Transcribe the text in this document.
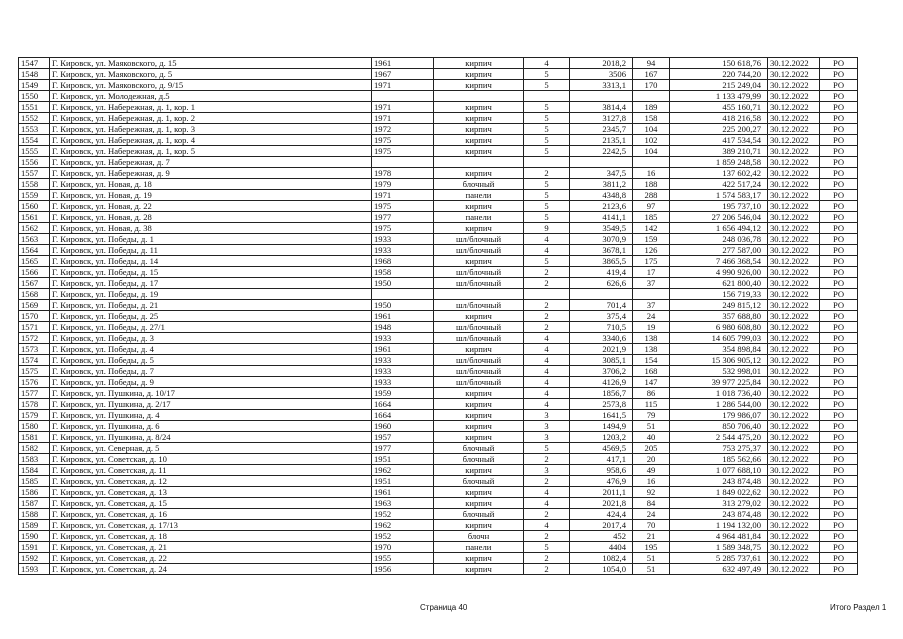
1547	Г. Кировск, ул. Маяковского, д. 15	1961	кирпич	4	2018,2	94	150 618,76	30.12.2022	РО
1548	Г. Кировск, ул. Маяковского, д. 5	1967	кирпич	5	3506	167	220 744,20	30.12.2022	РО
1549	Г. Кировск, ул. Маяковского, д. 9/15	1971	кирпич	5	3313,1	170	215 249,04	30.12.2022	РО
1550	Г. Кировск, ул. Молодежная, д.5						1 133 479,99	30.12.2022	РО
1551	Г. Кировск, ул. Набережная, д. 1, кор. 1	1971	кирпич	5	3814,4	189	455 160,71	30.12.2022	РО
1552	Г. Кировск, ул. Набережная, д. 1, кор. 2	1971	кирпич	5	3127,8	158	418 216,58	30.12.2022	РО
1553	Г. Кировск, ул. Набережная, д. 1, кор. 3	1972	кирпич	5	2345,7	104	225 200,27	30.12.2022	РО
1554	Г. Кировск, ул. Набережная, д. 1, кор. 4	1975	кирпич	5	2135,1	102	417 534,54	30.12.2022	РО
1555	Г. Кировск, ул. Набережная, д. 1, кор. 5	1975	кирпич	5	2242,5	104	389 210,71	30.12.2022	РО
1556	Г. Кировск, ул. Набережная, д. 7						1 859 248,58	30.12.2022	РО
1557	Г. Кировск, ул. Набережная, д. 9	1978	кирпич	2	347,5	16	137 602,42	30.12.2022	РО
1558	Г. Кировск, ул. Новая, д. 18	1979	блочный	5	3811,2	188	422 517,24	30.12.2022	РО
1559	Г. Кировск, ул. Новая, д. 19	1971	панели	5	4348,8	288	1 574 583,17	30.12.2022	РО
1560	Г. Кировск, ул. Новая, д. 22	1975	кирпич	5	2123,6	97	195 737,10	30.12.2022	РО
1561	Г. Кировск, ул. Новая, д. 28	1977	панели	5	4141,1	185	27 206 546,04	30.12.2022	РО
1562	Г. Кировск, ул. Новая, д. 38	1975	кирпич	9	3549,5	142	1 656 494,12	30.12.2022	РО
1563	Г. Кировск, ул. Победы, д. 1	1933	шл/блочный	4	3070,9	159	248 036,78	30.12.2022	РО
1564	Г. Кировск, ул. Победы, д. 11	1933	шл/блочный	4	3678,1	126	277 587,00	30.12.2022	РО
1565	Г. Кировск, ул. Победы, д. 14	1968	кирпич	5	3865,5	175	7 466 368,54	30.12.2022	РО
1566	Г. Кировск, ул. Победы, д. 15	1958	шл/блочный	2	419,4	17	4 990 926,00	30.12.2022	РО
1567	Г. Кировск, ул. Победы, д. 17	1950	шл/блочный	2	626,6	37	621 800,40	30.12.2022	РО
1568	Г. Кировск, ул. Победы, д. 19						156 719,33	30.12.2022	РО
1569	Г. Кировск, ул. Победы, д. 21	1950	шл/блочный	2	701,4	37	249 815,12	30.12.2022	РО
1570	Г. Кировск, ул. Победы, д. 25	1961	кирпич	2	375,4	24	357 688,80	30.12.2022	РО
1571	Г. Кировск, ул. Победы, д. 27/1	1948	шл/блочный	2	710,5	19	6 980 608,80	30.12.2022	РО
1572	Г. Кировск, ул. Победы, д. 3	1933	шл/блочный	4	3340,6	138	14 605 799,03	30.12.2022	РО
1573	Г. Кировск, ул. Победы, д. 4	1961	кирпич	4	2021,9	138	354 898,84	30.12.2022	РО
1574	Г. Кировск, ул. Победы, д. 5	1933	шл/блочный	4	3085,1	154	15 306 905,12	30.12.2022	РО
1575	Г. Кировск, ул. Победы, д. 7	1933	шл/блочный	4	3706,2	168	532 998,01	30.12.2022	РО
1576	Г. Кировск, ул. Победы, д. 9	1933	шл/блочный	4	4126,9	147	39 977 225,84	30.12.2022	РО
1577	Г. Кировск, ул. Пушкина, д. 10/17	1959	кирпич	4	1856,7	86	1 018 736,40	30.12.2022	РО
1578	Г. Кировск, ул. Пушкина, д. 2/17	1664	кирпич	4	2573,8	115	1 286 544,00	30.12.2022	РО
1579	Г. Кировск, ул. Пушкина, д. 4	1664	кирпич	3	1641,5	79	179 986,07	30.12.2022	РО
1580	Г. Кировск, ул. Пушкина, д. 6	1960	кирпич	3	1494,9	51	850 706,40	30.12.2022	РО
1581	Г. Кировск, ул. Пушкина, д. 8/24	1957	кирпич	3	1203,2	40	2 544 475,20	30.12.2022	РО
1582	Г. Кировск, ул. Северная, д. 5	1977	блочный	5	4569,5	205	753 275,37	30.12.2022	РО
1583	Г. Кировск, ул. Советская, д. 10	1951	блочный	2	417,1	20	185 562,66	30.12.2022	РО
1584	Г. Кировск, ул. Советская, д. 11	1962	кирпич	3	958,6	49	1 077 688,10	30.12.2022	РО
1585	Г. Кировск, ул. Советская, д. 12	1951	блочный	2	476,9	16	243 874,48	30.12.2022	РО
1586	Г. Кировск, ул. Советская, д. 13	1961	кирпич	4	2011,1	92	1 849 022,62	30.12.2022	РО
1587	Г. Кировск, ул. Советская, д. 15	1963	кирпич	4	2021,8	84	313 279,02	30.12.2022	РО
1588	Г. Кировск, ул. Советская, д. 16	1952	блочный	2	424,4	24	243 874,48	30.12.2022	РО
1589	Г. Кировск, ул. Советская, д. 17/13	1962	кирпич	4	2017,4	70	1 194 132,00	30.12.2022	РО
1590	Г. Кировск, ул. Советская, д. 18	1952	блочн	2	452	21	4 964 481,84	30.12.2022	РО
1591	Г. Кировск, ул. Советская, д. 21	1970	панели	5	4404	195	1 589 348,75	30.12.2022	РО
1592	Г. Кировск, ул. Советская, д. 22	1955	кирпич	2	1082,4	51	5 285 737,61	30.12.2022	РО
1593	Г. Кировск, ул. Советская, д. 24	1956	кирпич	2	1054,0	51	632 497,49	30.12.2022	РО
Страница 40	Итого Раздел 1
